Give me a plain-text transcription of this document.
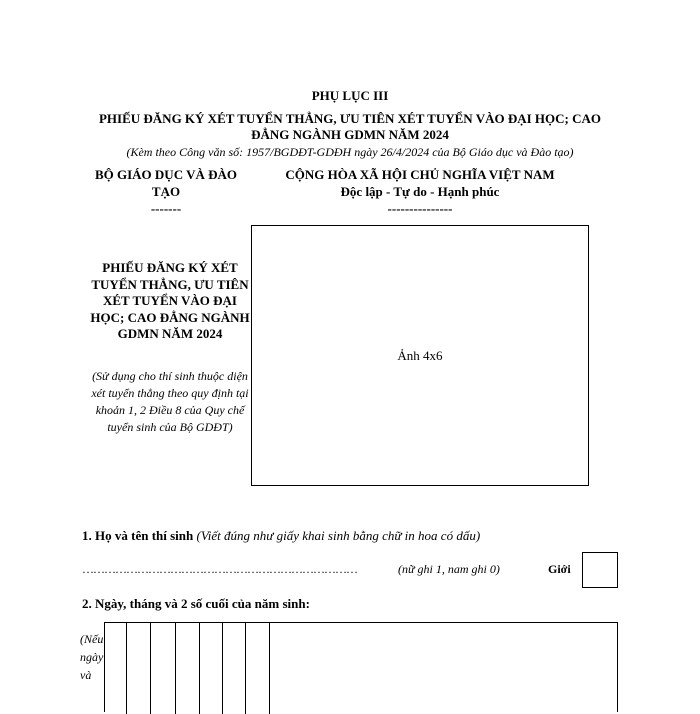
PHỤ LỤC III
PHIẾU ĐĂNG KÝ XÉT TUYỂN THẲNG, ƯU TIÊN XÉT TUYỂN VÀO ĐẠI HỌC; CAO ĐẲNG NGÀNH GDMN NĂM 2024
(Kèm theo Công văn số: 1957/BGDĐT-GDĐH ngày 26/4/2024 của Bộ Giáo dục và Đào tạo)
BỘ GIÁO DỤC VÀ ĐÀO TẠO
-------
CỘNG HÒA XÃ HỘI CHỦ NGHĨA VIỆT NAM
Độc lập - Tự do - Hạnh phúc
---------------
Ảnh 4x6
PHIẾU ĐĂNG KÝ XÉT TUYỂN THẲNG, ƯU TIÊN XÉT TUYỂN VÀO ĐẠI HỌC; CAO ĐẲNG NGÀNH GDMN NĂM 2024
(Sử dụng cho thí sinh thuộc diện xét tuyển thẳng theo quy định tại khoản 1, 2 Điều 8 của Quy chế tuyển sinh của Bộ GDĐT)
1. Họ và tên thí sinh (Viết đúng như giấy khai sinh bằng chữ in hoa có dấu)
…………………………………………………………………	(nữ ghi 1, nam ghi 0)	Giới
2. Ngày, tháng và 2 số cuối của năm sinh:
(Nếu ngày và
